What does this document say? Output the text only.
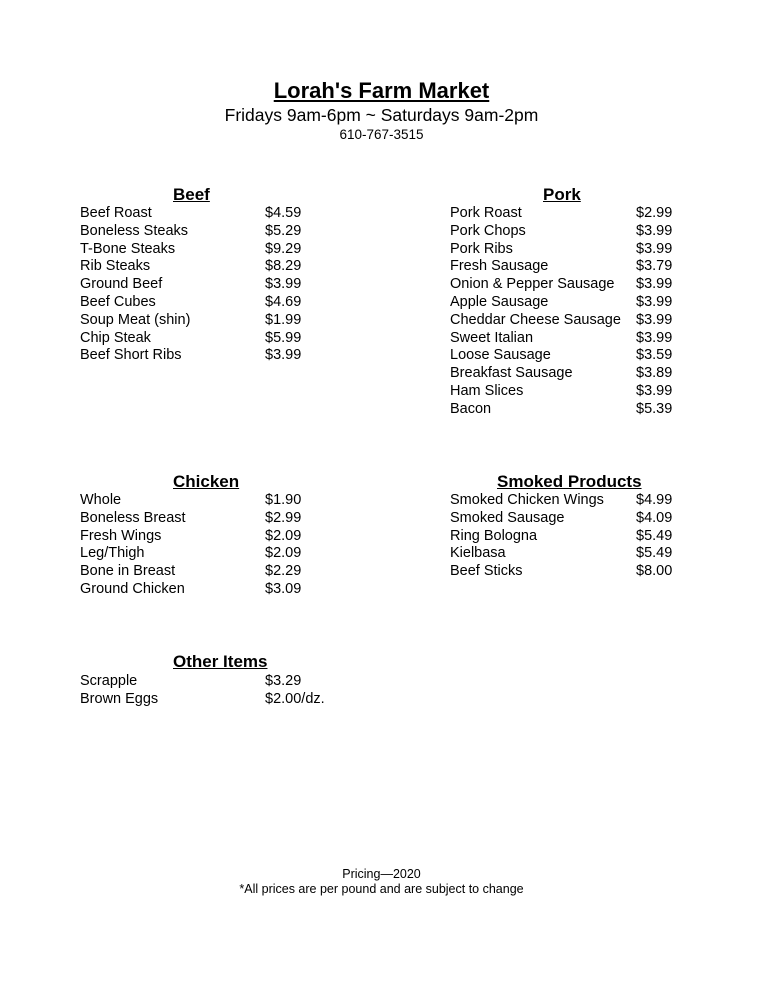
Lorah's Farm Market
Fridays 9am-6pm ~ Saturdays 9am-2pm
610-767-3515
Beef
Beef Roast	$4.59
Boneless Steaks	$5.29
T-Bone Steaks	$9.29
Rib Steaks	$8.29
Ground Beef	$3.99
Beef Cubes	$4.69
Soup Meat (shin)	$1.99
Chip Steak	$5.99
Beef Short Ribs	$3.99
Pork
Pork Roast	$2.99
Pork Chops	$3.99
Pork Ribs	$3.99
Fresh Sausage	$3.79
Onion & Pepper Sausage $3.99
Apple Sausage	$3.99
Cheddar Cheese Sausage $3.99
Sweet Italian	$3.99
Loose Sausage	$3.59
Breakfast Sausage	$3.89
Ham Slices	$3.99
Bacon	$5.39
Chicken
Whole	$1.90
Boneless Breast	$2.99
Fresh Wings	$2.09
Leg/Thigh	$2.09
Bone in Breast	$2.29
Ground Chicken	$3.09
Smoked Products
Smoked Chicken Wings $4.99
Smoked Sausage	$4.09
Ring Bologna	$5.49
Kielbasa	$5.49
Beef Sticks	$8.00
Other Items
Scrapple	$3.29
Brown Eggs	$2.00/dz.
Pricing—2020
*All prices are per pound and are subject to change
